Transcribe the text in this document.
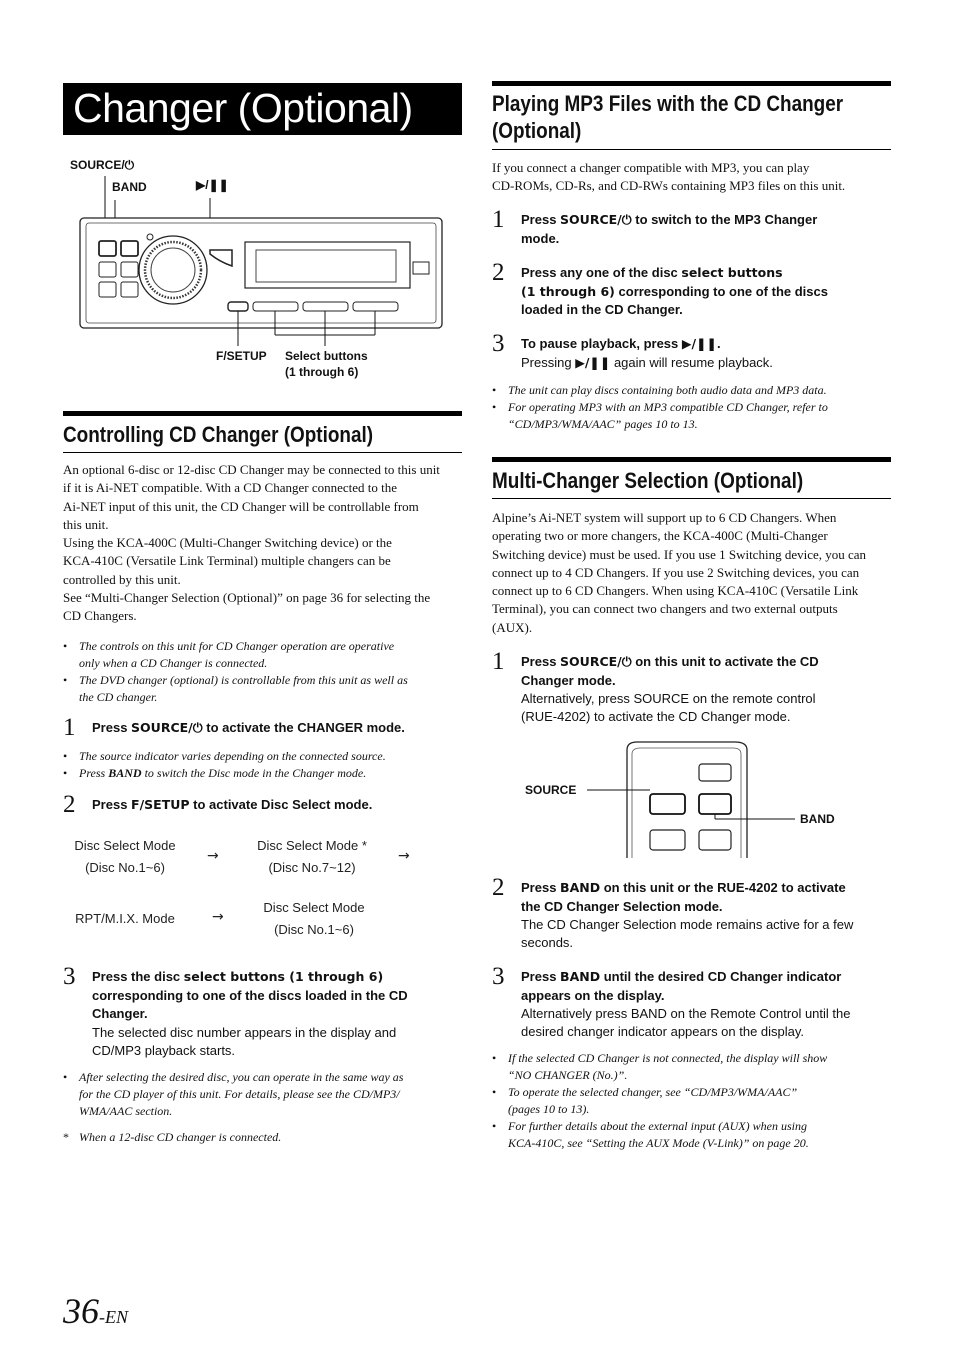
Changer (Optional)
SOURCE/⏻
BAND	▶/❚❚
F/SETUP Select buttons
(1 through 6)
Controlling CD Changer (Optional)
An optional 6-disc or 12-disc CD Changer may be connected to this unit
if it is Ai-NET compatible. With a CD Changer connected to the
Ai-NET input of this unit, the CD Changer will be controllable from
this unit.
Using the KCA-400C (Multi-Changer Switching device) or the
KCA-410C (Versatile Link Terminal) multiple changers can be
controlled by this unit.
See “Multi-Changer Selection (Optional)” on page 36 for selecting the
CD Changers.
• The controls on this unit for CD Changer operation are operative
only when a CD Changer is connected.
• The DVD changer (optional) is controllable from this unit as well as
the CD changer.
1 Press SOURCE/⏻ to activate the CHANGER mode.
• The source indicator varies depending on the connected source.
• Press BAND to switch the Disc mode in the Changer mode.
2 Press F/SETUP to activate Disc Select mode.
Disc Select Mode
(Disc No.1~6)
→
Disc Select Mode *
(Disc No.7~12)
→
RPT/M.I.X. Mode	→
Disc Select Mode
(Disc No.1~6)
3 Press the disc select buttons (1 through 6)
corresponding to one of the discs loaded in the CD
Changer.
The selected disc number appears in the display and
CD/MP3 playback starts.
• After selecting the desired disc, you can operate in the same way as
for the CD player of this unit. For details, please see the CD/MP3/
WMA/AAC section.
* When a 12-disc CD changer is connected.
Playing MP3 Files with the CD Changer
(Optional)
If you connect a changer compatible with MP3, you can play
CD-ROMs, CD-Rs, and CD-RWs containing MP3 files on this unit.
1 Press SOURCE/⏻ to switch to the MP3 Changer
mode.
2 Press any one of the disc select buttons
(1 through 6) corresponding to one of the discs
loaded in the CD Changer.
3 To pause playback, press ▶/❚❚.
Pressing ▶/❚❚ again will resume playback.
• The unit can play discs containing both audio data and MP3 data.
• For operating MP3 with an MP3 compatible CD Changer, refer to
“CD/MP3/WMA/AAC” pages 10 to 13.
Multi-Changer Selection (Optional)
Alpine’s Ai-NET system will support up to 6 CD Changers. When
operating two or more changers, the KCA-400C (Multi-Changer
Switching device) must be used. If you use 1 Switching device, you can
connect up to 4 CD Changers. If you use 2 Switching devices, you can
connect up to 6 CD Changers. When using KCA-410C (Versatile Link
Terminal), you can connect two changers and two external outputs
(AUX).
1 Press SOURCE/⏻ on this unit to activate the CD
Changer mode.
Alternatively, press SOURCE on the remote control
(RUE-4202) to activate the CD Changer mode.
SOURCE
BAND
2 Press BAND on this unit or the RUE-4202 to activate
the CD Changer Selection mode.
The CD Changer Selection mode remains active for a few
seconds.
3 Press BAND until the desired CD Changer indicator
appears on the display.
Alternatively press BAND on the Remote Control until the
desired changer indicator appears on the display.
• If the selected CD Changer is not connected, the display will show
“NO CHANGER (No.)”.
• To operate the selected changer, see “CD/MP3/WMA/AAC”
(pages 10 to 13).
• For further details about the external input (AUX) when using
KCA-410C, see “Setting the AUX Mode (V-Link)” on page 20.
36-EN
